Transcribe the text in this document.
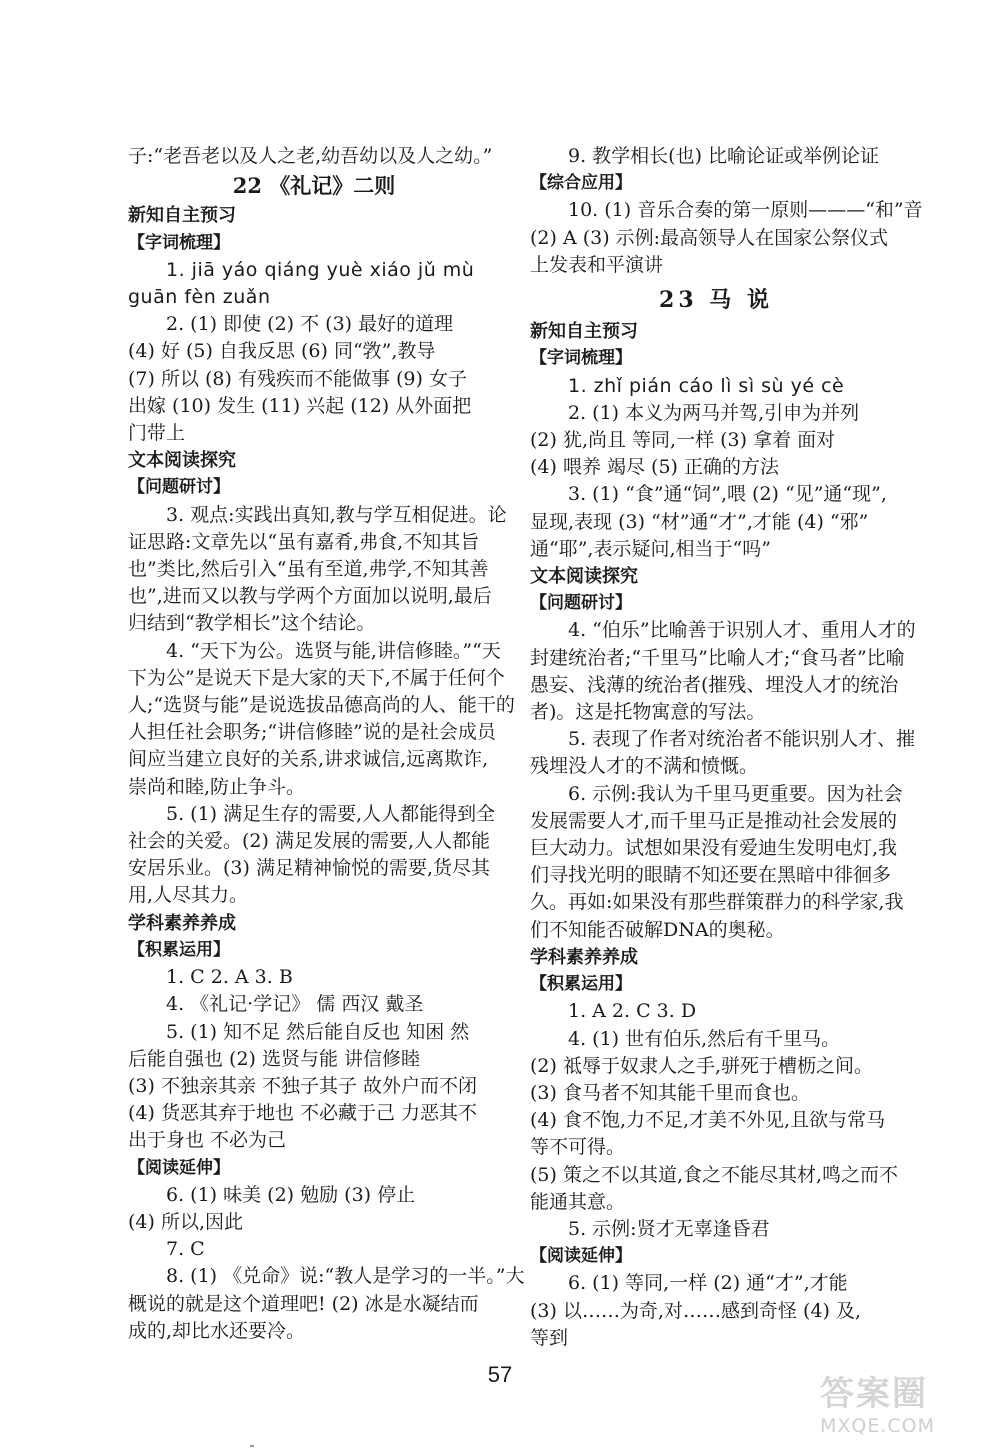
子:“老吾老以及人之老,幼吾幼以及人之幼。”
22 《礼记》二则
新知自主预习
【字词梳理】
1. jiā yáo qiáng yuè xiáo jǔ mù
guān fèn zuǎn
2. (1) 即使 (2) 不 (3) 最好的道理
(4) 好 (5) 自我反思 (6) 同“敩”,教导
(7) 所以 (8) 有残疾而不能做事 (9) 女子
出嫁 (10) 发生 (11) 兴起 (12) 从外面把
门带上
文本阅读探究
【问题研讨】
3. 观点:实践出真知,教与学互相促进。论
证思路:文章先以“虽有嘉肴,弗食,不知其旨
也”类比,然后引入“虽有至道,弗学,不知其善
也”,进而又以教与学两个方面加以说明,最后
归结到“教学相长”这个结论。
4. “天下为公。选贤与能,讲信修睦。”“天
下为公”是说天下是大家的天下,不属于任何个
人;“选贤与能”是说选拔品德高尚的人、能干的
人担任社会职务;“讲信修睦”说的是社会成员
间应当建立良好的关系,讲求诚信,远离欺诈,
崇尚和睦,防止争斗。
5. (1) 满足生存的需要,人人都能得到全
社会的关爱。(2) 满足发展的需要,人人都能
安居乐业。(3) 满足精神愉悦的需要,货尽其
用,人尽其力。
学科素养养成
【积累运用】
1. C 2. A 3. B
4. 《礼记·学记》 儒 西汉 戴圣
5. (1) 知不足 然后能自反也 知困 然
后能自强也 (2) 选贤与能 讲信修睦
(3) 不独亲其亲 不独子其子 故外户而不闭
(4) 货恶其弃于地也 不必藏于己 力恶其不
出于身也 不必为己
【阅读延伸】
6. (1) 味美 (2) 勉励 (3) 停止
(4) 所以,因此
7. C
8. (1) 《兑命》说:“教人是学习的一半。”大
概说的就是这个道理吧! (2) 冰是水凝结而
成的,却比水还要冷。
9. 教学相长(也) 比喻论证或举例论证
【综合应用】
10. (1) 音乐合奏的第一原则———“和”音
(2) A (3) 示例:最高领导人在国家公祭仪式
上发表和平演讲
23 马 说
新知自主预习
【字词梳理】
1. zhǐ pián cáo lì sì sù yé cè
2. (1) 本义为两马并驾,引申为并列
(2) 犹,尚且 等同,一样 (3) 拿着 面对
(4) 喂养 竭尽 (5) 正确的方法
3. (1) “食”通“饲”,喂 (2) “见”通“现”,
显现,表现 (3) “材”通“才”,才能 (4) “邪”
通“耶”,表示疑问,相当于“吗”
文本阅读探究
【问题研讨】
4. “伯乐”比喻善于识别人才、重用人才的
封建统治者;“千里马”比喻人才;“食马者”比喻
愚妄、浅薄的统治者(摧残、埋没人才的统治
者)。这是托物寓意的写法。
5. 表现了作者对统治者不能识别人才、摧
残埋没人才的不满和愤慨。
6. 示例:我认为千里马更重要。因为社会
发展需要人才,而千里马正是推动社会发展的
巨大动力。试想如果没有爱迪生发明电灯,我
们寻找光明的眼睛不知还要在黑暗中徘徊多
久。再如:如果没有那些群策群力的科学家,我
们不知能否破解DNA的奥秘。
学科素养养成
【积累运用】
1. A 2. C 3. D
4. (1) 世有伯乐,然后有千里马。
(2) 祗辱于奴隶人之手,骈死于槽枥之间。
(3) 食马者不知其能千里而食也。
(4) 食不饱,力不足,才美不外见,且欲与常马
等不可得。
(5) 策之不以其道,食之不能尽其材,鸣之而不
能通其意。
5. 示例:贤才无辜逢昏君
【阅读延伸】
6. (1) 等同,一样 (2) 通“才”,才能
(3) 以……为奇,对……感到奇怪 (4) 及,
等到
57	答案圈
MXQE.COM
